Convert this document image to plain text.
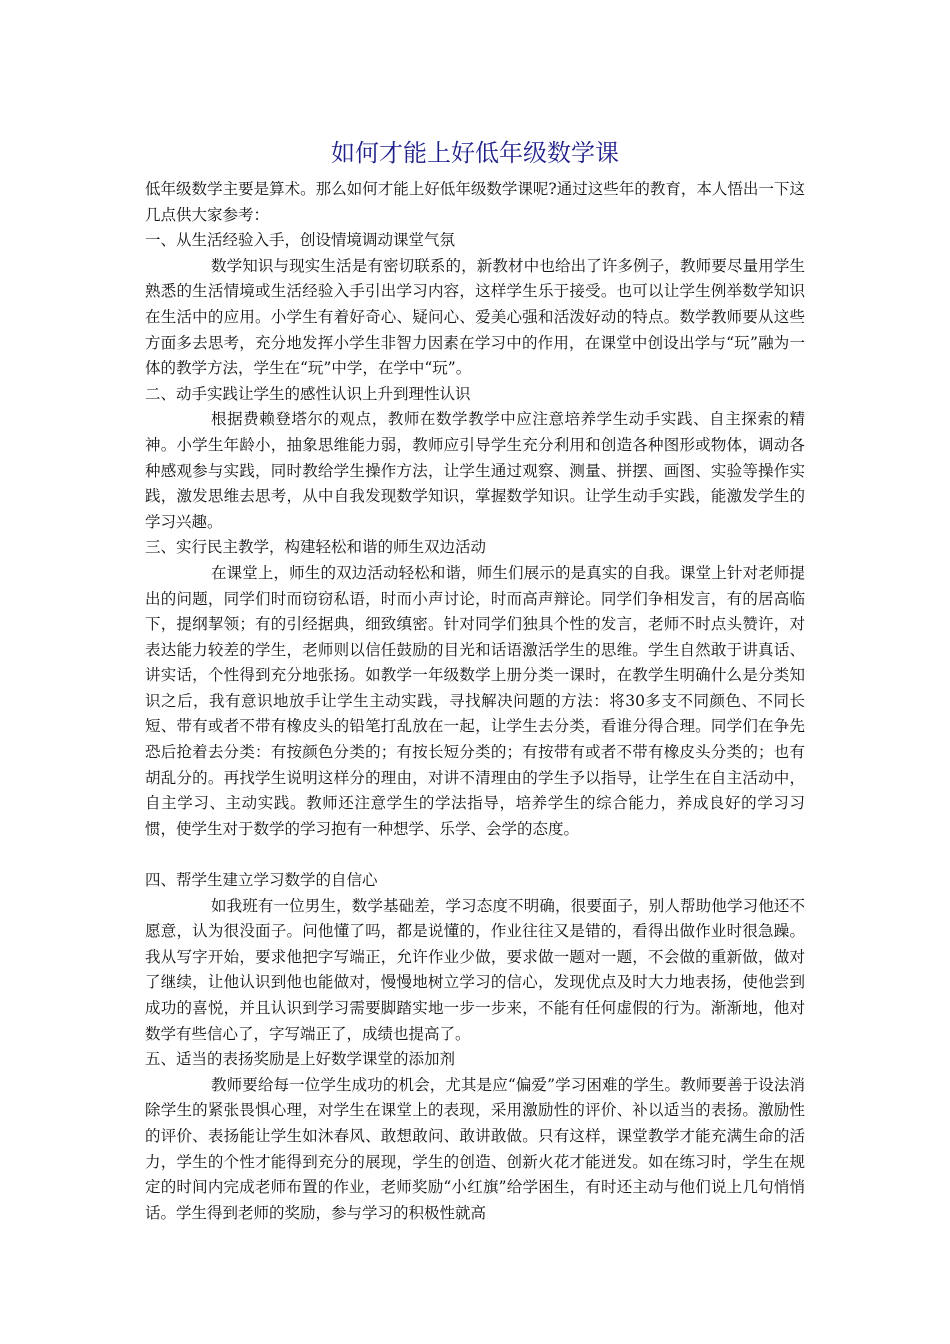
如何才能上好低年级数学课

低年级数学主要是算术。那么如何才能上好低年级数学课呢?通过这些年的教育，本人悟出一下这几点供大家参考：

一、从生活经验入手，创设情境调动课堂气氛

数学知识与现实生活是有密切联系的，新教材中也给出了许多例子，教师要尽量用学生熟悉的生活情境或生活经验入手引出学习内容，这样学生乐于接受。也可以让学生例举数学知识在生活中的应用。小学生有着好奇心、疑问心、爱美心强和活泼好动的特点。数学教师要从这些方面多去思考，充分地发挥小学生非智力因素在学习中的作用，在课堂中创设出学与“玩”融为一体的教学方法，学生在“玩”中学，在学中“玩”。

二、动手实践让学生的感性认识上升到理性认识

根据费赖登塔尔的观点，教师在数学教学中应注意培养学生动手实践、自主探索的精神。小学生年龄小，抽象思维能力弱，教师应引导学生充分利用和创造各种图形或物体，调动各种感观参与实践，同时教给学生操作方法，让学生通过观察、测量、拼摆、画图、实验等操作实践，激发思维去思考，从中自我发现数学知识，掌握数学知识。让学生动手实践，能激发学生的学习兴趣。

三、实行民主教学，构建轻松和谐的师生双边活动

在课堂上，师生的双边活动轻松和谐，师生们展示的是真实的自我。课堂上针对老师提出的问题，同学们时而窃窃私语，时而小声讨论，时而高声辩论。同学们争相发言，有的居高临下，提纲挈领；有的引经据典，细致缜密。针对同学们独具个性的发言，老师不时点头赞许，对表达能力较差的学生，老师则以信任鼓励的目光和话语激活学生的思维。学生自然敢于讲真话、讲实话，个性得到充分地张扬。如教学一年级数学上册分类一课时，在教学生明确什么是分类知识之后，我有意识地放手让学生主动实践，寻找解决问题的方法：将30多支不同颜色、不同长短、带有或者不带有橡皮头的铅笔打乱放在一起，让学生去分类，看谁分得合理。同学们在争先恐后抢着去分类：有按颜色分类的；有按长短分类的；有按带有或者不带有橡皮头分类的；也有胡乱分的。再找学生说明这样分的理由，对讲不清理由的学生予以指导，让学生在自主活动中，自主学习、主动实践。教师还注意学生的学法指导，培养学生的综合能力，养成良好的学习习惯，使学生对于数学的学习抱有一种想学、乐学、会学的态度。

四、帮学生建立学习数学的自信心

如我班有一位男生，数学基础差，学习态度不明确，很要面子，别人帮助他学习他还不愿意，认为很没面子。问他懂了吗，都是说懂的，作业往往又是错的，看得出做作业时很急躁。我从写字开始，要求他把字写端正，允许作业少做，要求做一题对一题，不会做的重新做，做对了继续，让他认识到他也能做对，慢慢地树立学习的信心，发现优点及时大力地表扬，使他尝到成功的喜悦，并且认识到学习需要脚踏实地一步一步来，不能有任何虚假的行为。渐渐地，他对数学有些信心了，字写端正了，成绩也提高了。

五、适当的表扬奖励是上好数学课堂的添加剂

教师要给每一位学生成功的机会，尤其是应“偏爱”学习困难的学生。教师要善于设法消除学生的紧张畏惧心理，对学生在课堂上的表现，采用激励性的评价、补以适当的表扬。激励性的评价、表扬能让学生如沐春风、敢想敢问、敢讲敢做。只有这样，课堂教学才能充满生命的活力，学生的个性才能得到充分的展现，学生的创造、创新火花才能迸发。如在练习时，学生在规定的时间内完成老师布置的作业，老师奖励“小红旗”给学困生，有时还主动与他们说上几句悄悄话。学生得到老师的奖励，参与学习的积极性就高
